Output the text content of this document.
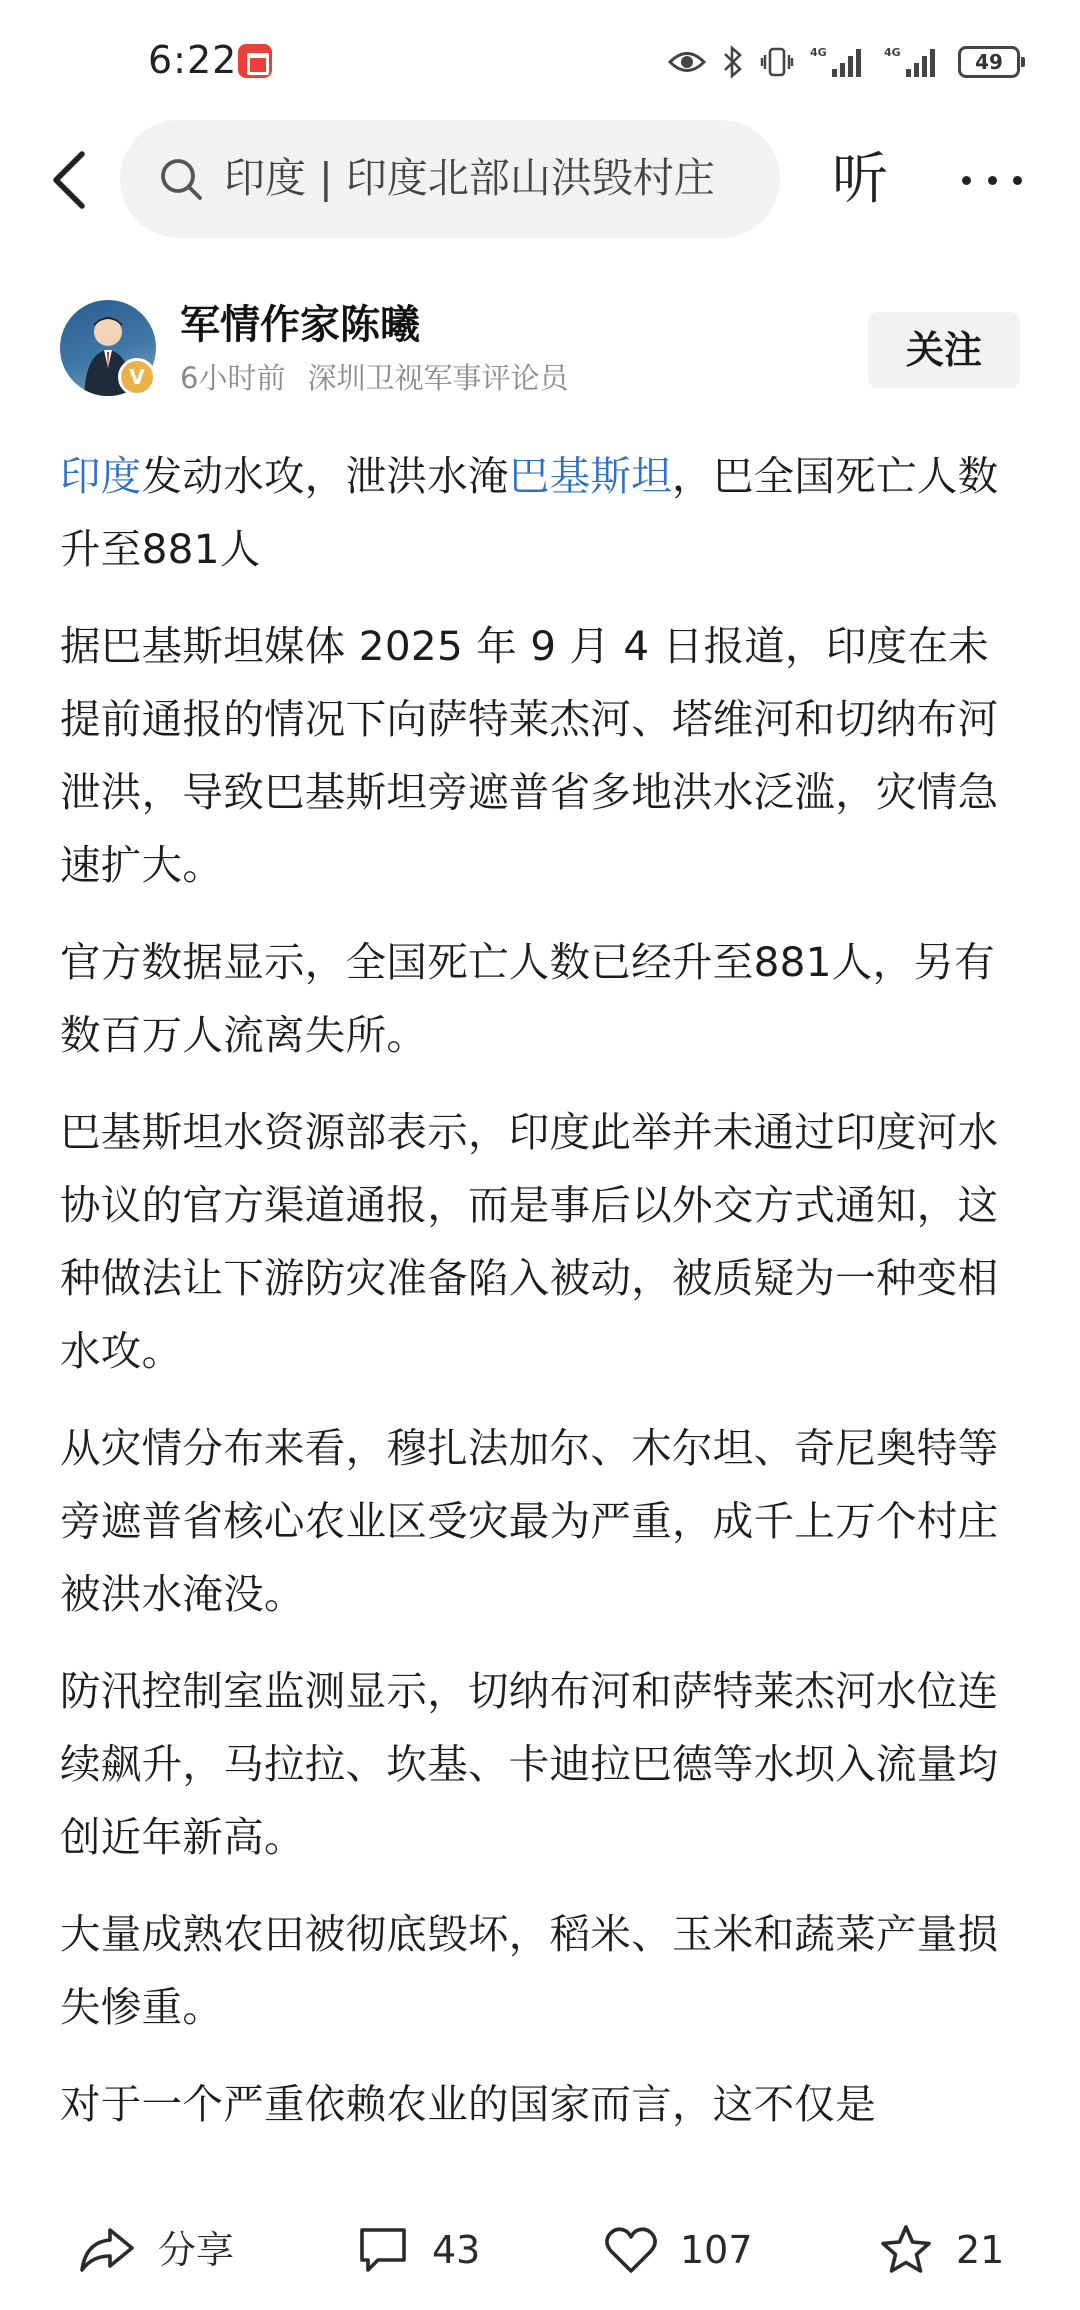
6:22	4G	4G	49
印度 | 印度北部山洪毁村庄	听
V
军情作家陈曦
6小时前 深圳卫视军事评论员
关注

印度发动水攻，泄洪水淹巴基斯坦，巴全国死亡人数升至881人

据巴基斯坦媒体 2025 年 9 月 4 日报道，印度在未提前通报的情况下向萨特莱杰河、塔维河和切纳布河泄洪，导致巴基斯坦旁遮普省多地洪水泛滥，灾情急速扩大。

官方数据显示，全国死亡人数已经升至881人，另有数百万人流离失所。

巴基斯坦水资源部表示，印度此举并未通过印度河水协议的官方渠道通报，而是事后以外交方式通知，这种做法让下游防灾准备陷入被动，被质疑为一种变相水攻。

从灾情分布来看，穆扎法加尔、木尔坦、奇尼奥特等旁遮普省核心农业区受灾最为严重，成千上万个村庄被洪水淹没。

防汛控制室监测显示，切纳布河和萨特莱杰河水位连续飙升，马拉拉、坎基、卡迪拉巴德等水坝入流量均创近年新高。

大量成熟农田被彻底毁坏，稻米、玉米和蔬菜产量损失惨重。

对于一个严重依赖农业的国家而言，这不仅是

分享	43	107	21
